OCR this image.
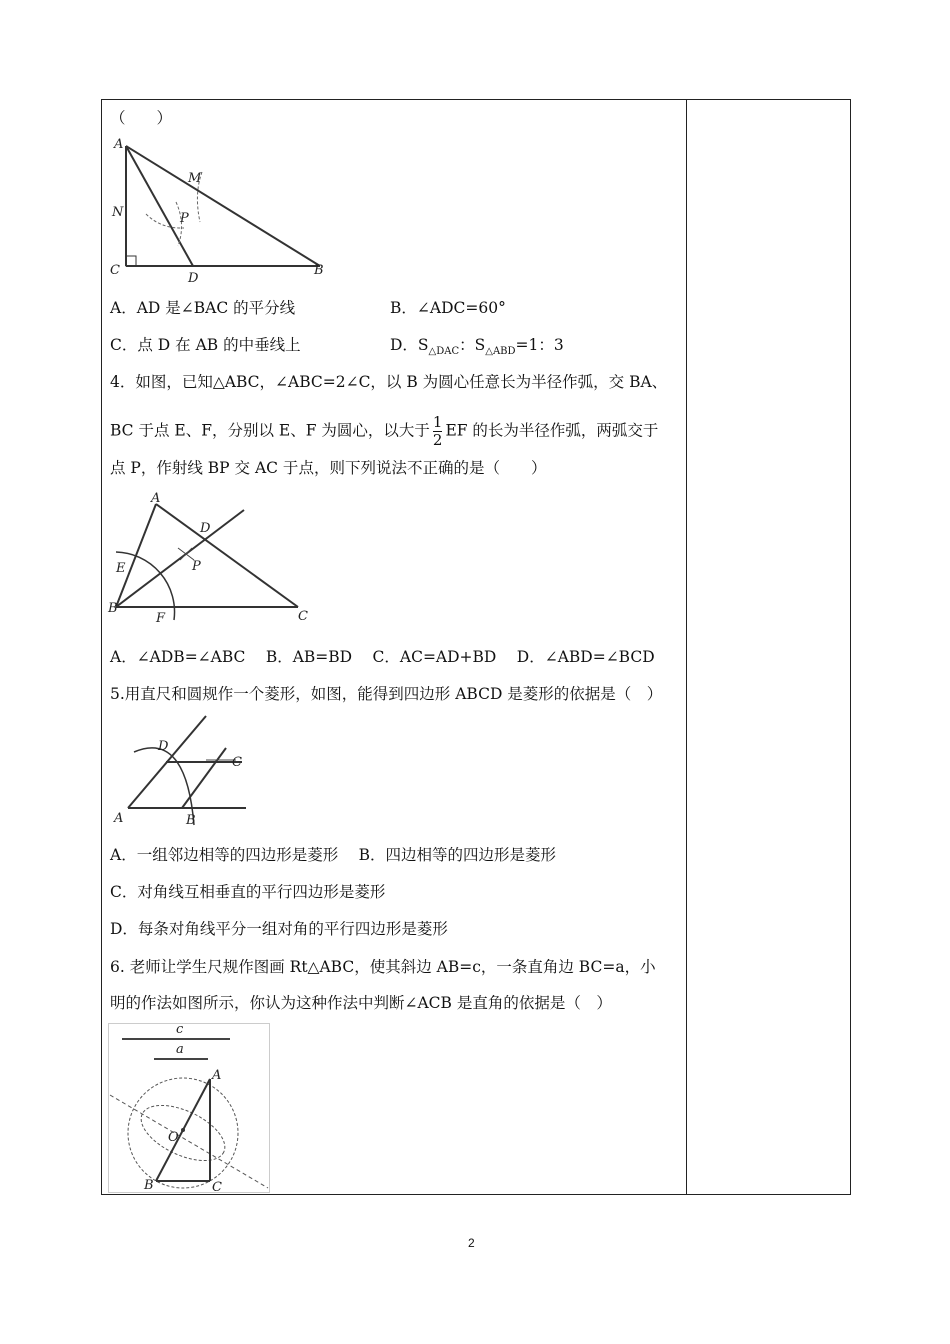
（　　）
A
M
N	P
C
D
B
A．AD 是∠BAC 的平分线	B．∠ADC=60°
C．点 D 在 AB 的中垂线上	D．$S_{\triangle DAC}$：$S_{\triangle ABD}=1$：3
4．如图，已知△ABC，∠ABC=2∠C，以 B 为圆心任意长为半径作弧，交 BA、
BC 于点 E、F，分别以 E、F 为圆心，以大于 $\frac{1}{2}$ EF 的长为半径作弧，两弧交于
点 P，作射线 BP 交 AC 于点，则下列说法不正确的是（　　）
A
D
E	P
B
F	C
A．∠ADB=∠ABC　 B．AB=BD　 C．AC=AD+BD　 D．∠ABD=∠BCD
5.用直尺和圆规作一个菱形，如图，能得到四边形 ABCD 是菱形的依据是（　）
D
C
A	B
A．一组邻边相等的四边形是菱形　 B．四边相等的四边形是菱形
C．对角线互相垂直的平行四边形是菱形
D．每条对角线平分一组对角的平行四边形是菱形
6. 老师让学生尺规作图画 Rt△ABC，使其斜边 AB=c，一条直角边 BC=a，小
明的作法如图所示，你认为这种作法中判断∠ACB 是直角的依据是（　）
c
a
A
O
B	C
2
